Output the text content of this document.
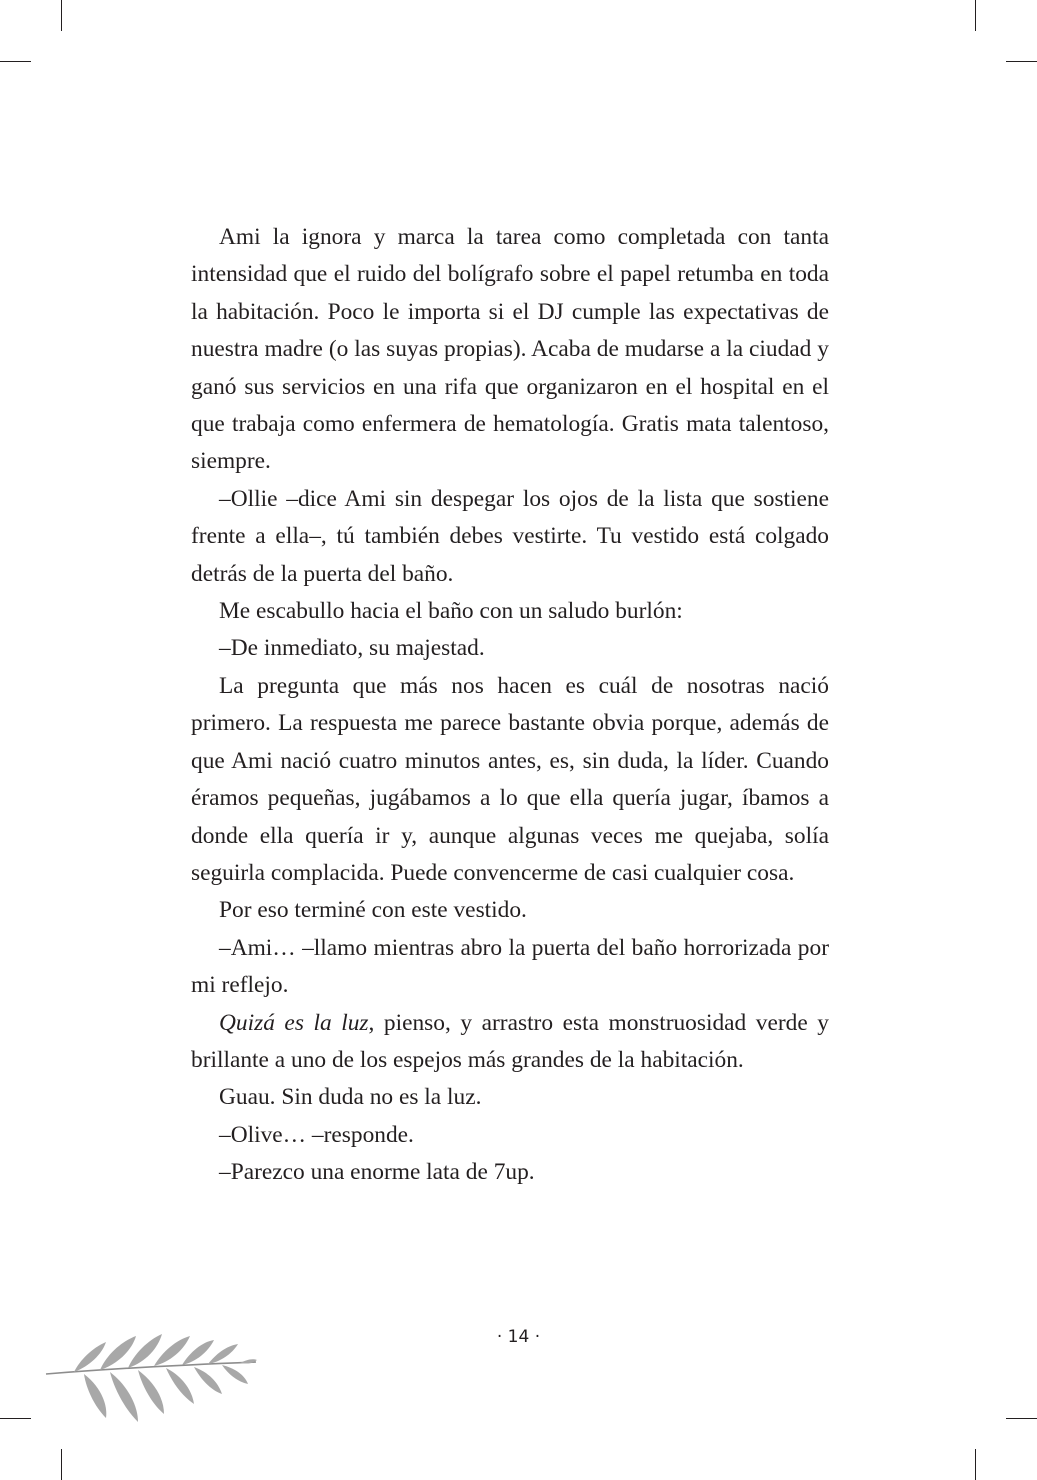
Ami la ignora y marca la tarea como completada con tanta intensidad que el ruido del bolígrafo sobre el papel retumba en toda la habitación. Poco le importa si el DJ cumple las expectativas de nuestra madre (o las suyas propias). Acaba de mudarse a la ciudad y ganó sus servicios en una rifa que organizaron en el hospital en el que trabaja como enfermera de hematología. Gratis mata talentoso, siempre.

–Ollie –dice Ami sin despegar los ojos de la lista que sostiene frente a ella–, tú también debes vestirte. Tu vestido está colgado detrás de la puerta del baño.

Me escabullo hacia el baño con un saludo burlón:

–De inmediato, su majestad.

La pregunta que más nos hacen es cuál de nosotras nació primero. La respuesta me parece bastante obvia porque, además de que Ami nació cuatro minutos antes, es, sin duda, la líder. Cuando éramos pequeñas, jugábamos a lo que ella quería jugar, íbamos a donde ella quería ir y, aunque algunas veces me quejaba, solía seguirla complacida. Puede convencerme de casi cualquier cosa.

Por eso terminé con este vestido.

–Ami… –llamo mientras abro la puerta del baño horrorizada por mi reflejo.

Quizá es la luz, pienso, y arrastro esta monstruosidad verde y brillante a uno de los espejos más grandes de la habitación.

Guau. Sin duda no es la luz.

–Olive… –responde.

–Parezco una enorme lata de 7up.

· 14 ·
